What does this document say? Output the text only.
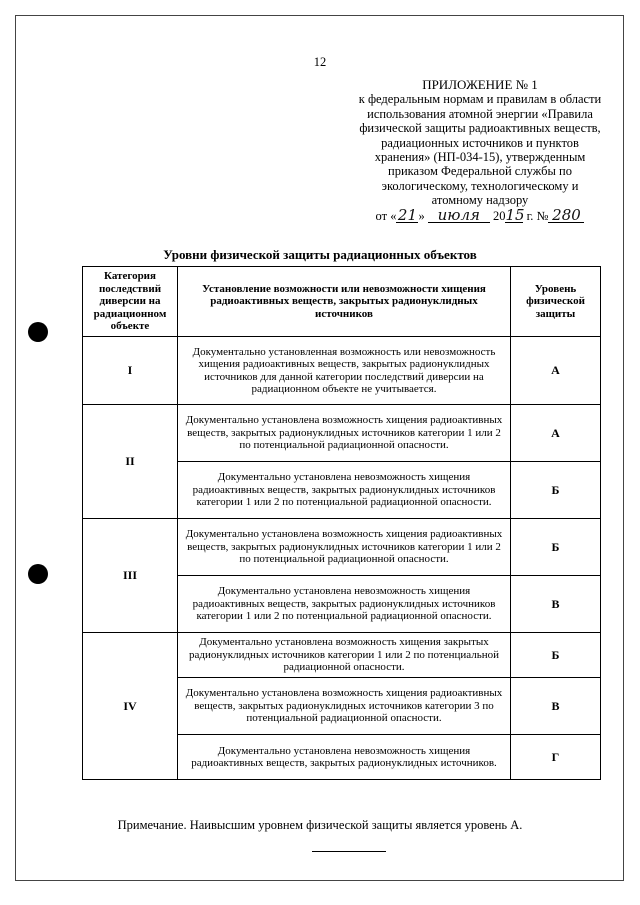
12
ПРИЛОЖЕНИЕ № 1
к федеральным нормам и правилам в области
использования атомной энергии «Правила
физической защиты радиоактивных веществ,
радиационных источников и пунктов
хранения» (НП-034-15), утвержденным
приказом Федеральной службы по
экологическому, технологическому и
атомному надзору
от «21» июля 2015 г. № 280
Уровни физической защиты радиационных объектов
Категория последствий диверсии на радиационном объекте	Установление возможности или невозможности хищения радиоактивных веществ, закрытых радионуклидных источников	Уровень физической защиты
I	Документально установленная возможность или невозможность хищения радиоактивных веществ, закрытых радионуклидных источников для данной категории последствий диверсии на радиационном объекте не учитывается.	А
II	Документально установлена возможность хищения радиоактивных веществ, закрытых радионуклидных источников категории 1 или 2 по потенциальной радиационной опасности.	А
	Документально установлена невозможность хищения радиоактивных веществ, закрытых радионуклидных источников категории 1 или 2 по потенциальной радиационной опасности.	Б
III	Документально установлена возможность хищения радиоактивных веществ, закрытых радионуклидных источников категории 1 или 2 по потенциальной радиационной опасности.	Б
	Документально установлена невозможность хищения радиоактивных веществ, закрытых радионуклидных источников категории 1 или 2 по потенциальной радиационной опасности.	В
IV	Документально установлена возможность хищения закрытых радионуклидных источников категории 1 или 2 по потенциальной радиационной опасности.	Б
	Документально установлена возможность хищения радиоактивных веществ, закрытых радионуклидных источников категории 3 по потенциальной радиационной опасности.	В
	Документально установлена невозможность хищения радиоактивных веществ, закрытых радионуклидных источников.	Г
Примечание. Наивысшим уровнем физической защиты является уровень А.
